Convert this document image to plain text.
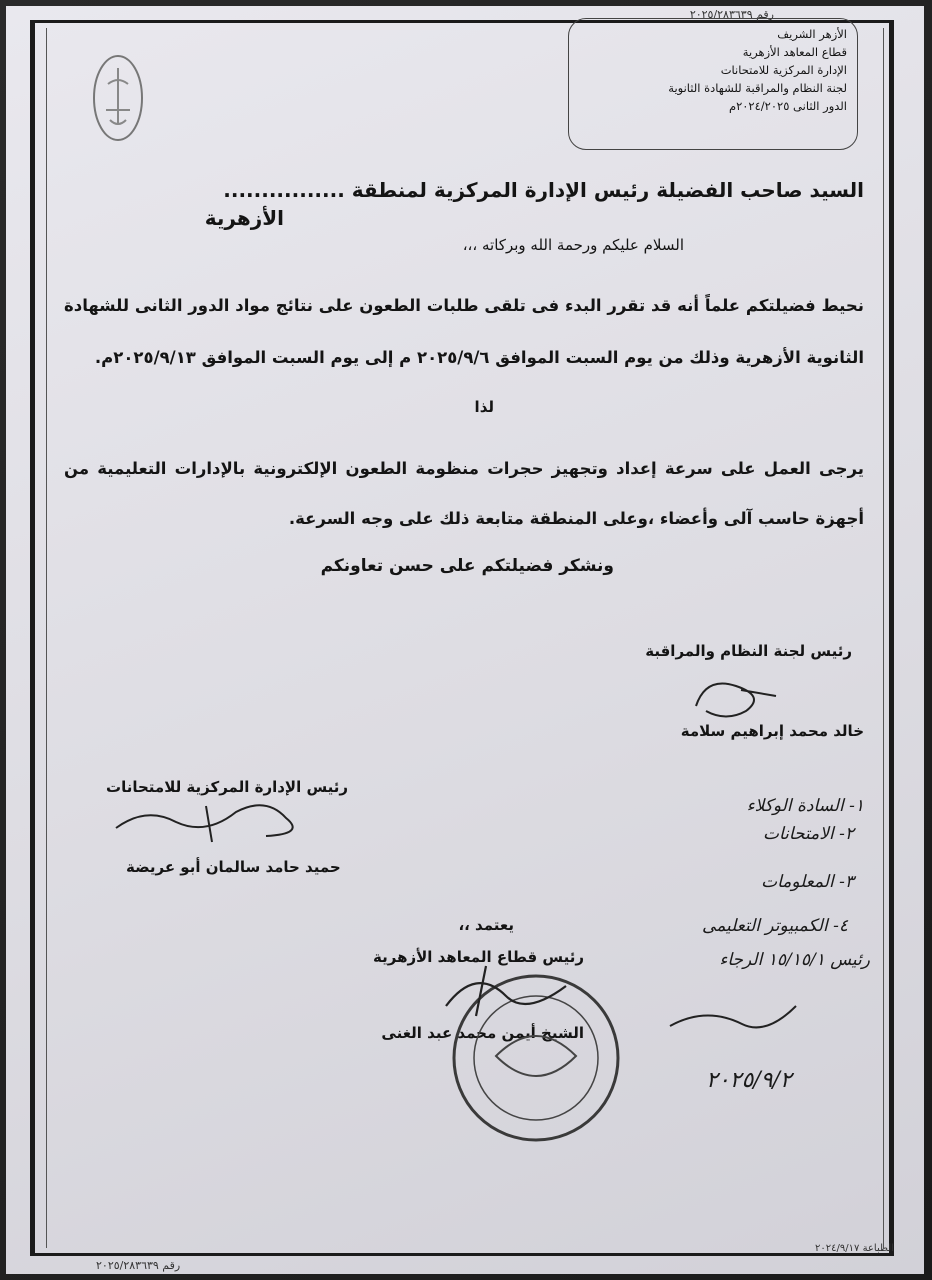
رقم ٢٠٢٥/٢٨٣٦٣٩
الأزهر الشريف
قطاع المعاهد الأزهرية
الإدارة المركزية للامتحانات
لجنة النظام والمراقبة للشهادة الثانوية
الدور الثانى ٢٠٢٤/٢٠٢٥م
السيد صاحب الفضيلة رئيس الإدارة المركزية لمنطقة ................
الأزهرية
السلام عليكم ورحمة الله وبركاته ،،،
نحيط فضيلتكم علماً أنه قد تقرر البدء فى تلقى طلبات الطعون على نتائج مواد الدور الثانى للشهادة الثانوية الأزهرية وذلك من يوم السبت الموافق ٢٠٢٥/٩/٦ م إلى يوم السبت الموافق ٢٠٢٥/٩/١٣م.
لذا
يرجى العمل على سرعة إعداد وتجهيز حجرات منظومة الطعون الإلكترونية بالإدارات التعليمية من أجهزة حاسب آلى وأعضاء ،وعلى المنطقة متابعة ذلك على وجه السرعة.
ونشكر فضيلتكم على حسن تعاونكم
رئيس لجنة النظام والمراقبة
خالد محمد إبراهيم سلامة
رئيس الإدارة المركزية للامتحانات
حميد حامد سالمان أبو عريضة
يعتمد ،،
رئيس قطاع المعاهد الأزهرية
الشيخ أيمن محمد عبد الغنى
١- السادة الوكلاء
٢- الامتحانات
٣- المعلومات
٤- الكمبيوتر التعليمى
رئيس ١٥/١٥/١ الرجاء
٢٠٢٥/٩/٢
رقم ٢٠٢٥/٢٨٣٦٣٩
الطباعة ٢٠٢٤/٩/١٧
